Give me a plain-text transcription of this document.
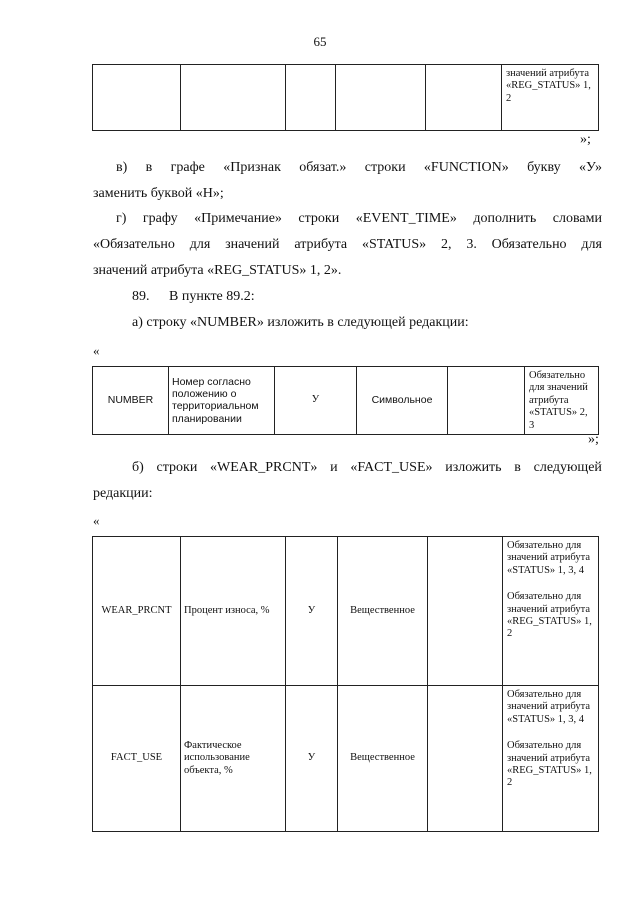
65
					значений атрибута «REG_STATUS» 1, 2
»;
в) в графе «Признак обязат.» строки «FUNCTION» букву «У»
заменить буквой «Н»;
г) графу «Примечание» строки «EVENT_TIME» дополнить словами
«Обязательно для значений атрибута «STATUS» 2, 3. Обязательно для
значений атрибута «REG_STATUS» 1, 2».
89. В пункте 89.2:
а) строку «NUMBER» изложить в следующей редакции:
«
NUMBER	Номер согласно положению о территориальном планировании	У	Символьное		Обязательно для значений атрибута «STATUS» 2, 3
»;
б) строки «WEAR_PRCNT» и «FACT_USE» изложить в следующей
редакции:
«
WEAR_PRCNT	Процент износа, %	У	Вещественное		Обязательно для значений атрибута «STATUS» 1, 3, 4
Обязательно для значений атрибута «REG_STATUS» 1, 2

FACT_USE	Фактическое использование объекта, %	У	Вещественное		Обязательно для значений атрибута «STATUS» 1, 3, 4
Обязательно для значений атрибута «REG_STATUS» 1, 2
